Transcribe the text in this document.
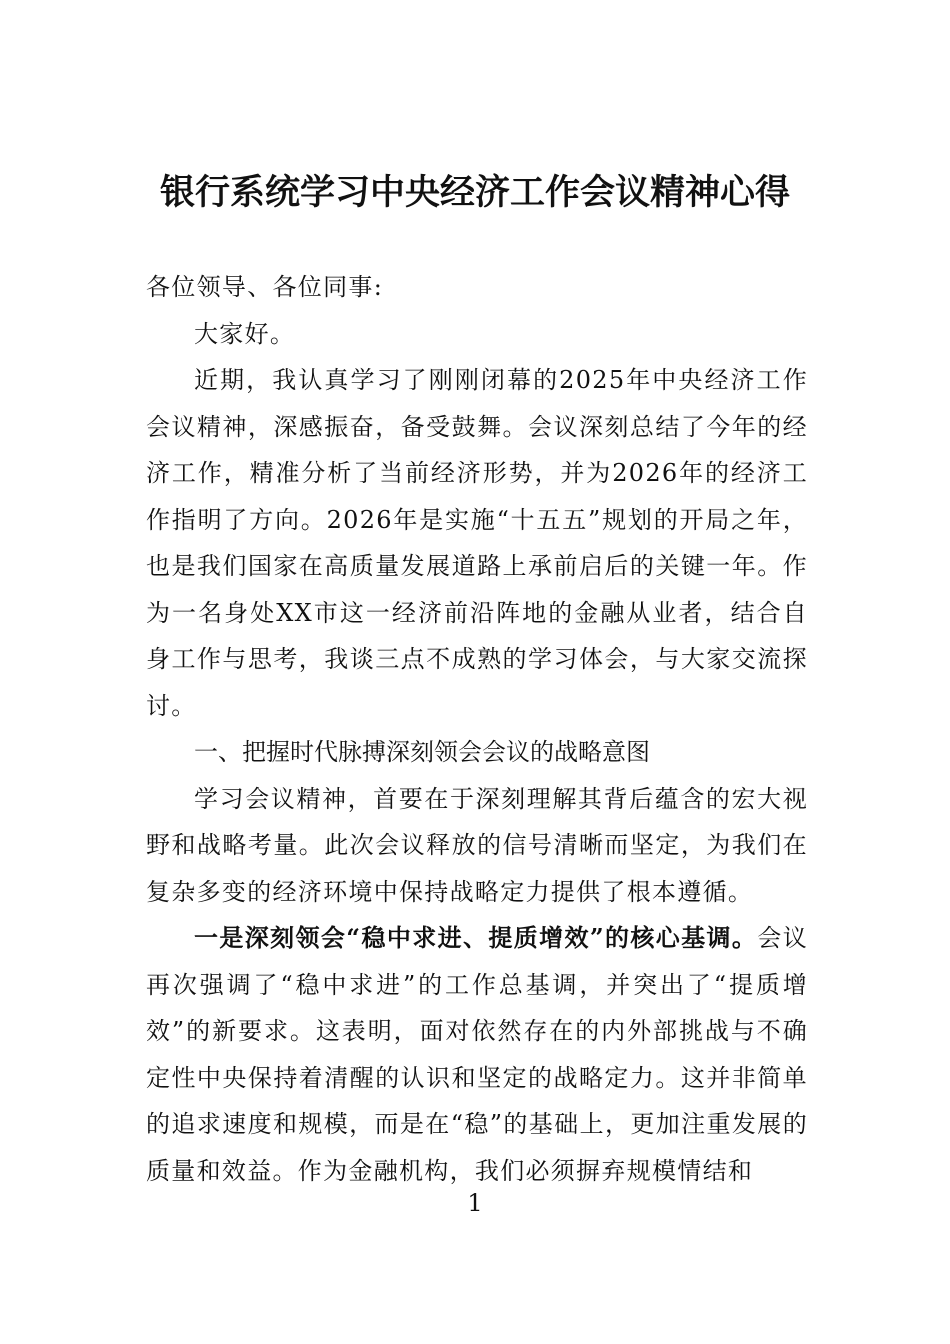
银行系统学习中央经济工作会议精神心得

各位领导、各位同事:

大家好。

近期，我认真学习了刚刚闭幕的2025年中央经济工作会议精神，深感振奋，备受鼓舞。会议深刻总结了今年的经济工作，精准分析了当前经济形势，并为2026年的经济工作指明了方向。2026年是实施“十五五”规划的开局之年，也是我们国家在高质量发展道路上承前启后的关键一年。作为一名身处XX市这一经济前沿阵地的金融从业者，结合自身工作与思考，我谈三点不成熟的学习体会，与大家交流探讨。

一、把握时代脉搏深刻领会会议的战略意图

学习会议精神，首要在于深刻理解其背后蕴含的宏大视野和战略考量。此次会议释放的信号清晰而坚定，为我们在复杂多变的经济环境中保持战略定力提供了根本遵循。

一是深刻领会“稳中求进、提质增效”的核心基调。会议再次强调了“稳中求进”的工作总基调，并突出了“提质增效”的新要求。这表明，面对依然存在的内外部挑战与不确定性中央保持着清醒的认识和坚定的战略定力。这并非简单的追求速度和规模，而是在“稳”的基础上，更加注重发展的质量和效益。作为金融机构，我们必须摒弃规模情结和

1
